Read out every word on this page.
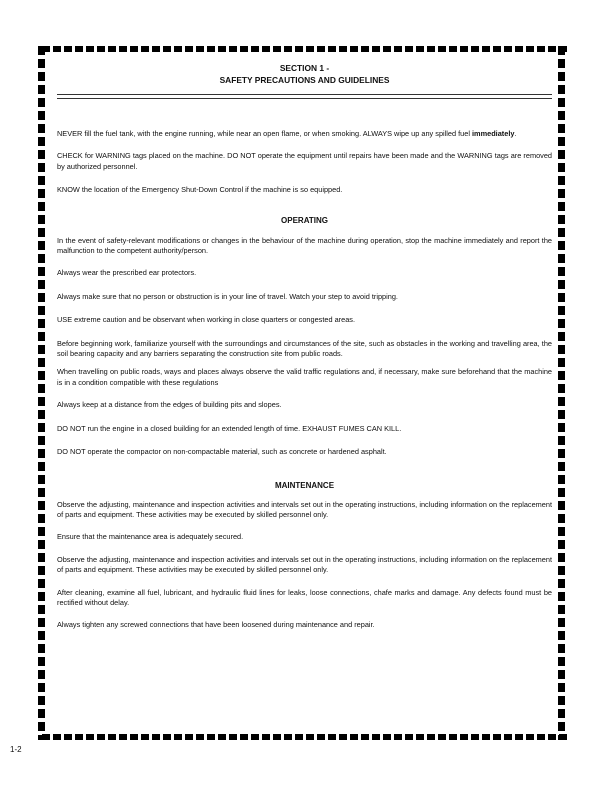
SECTION 1 -
SAFETY PRECAUTIONS AND GUIDELINES

NEVER fill the fuel tank, with the engine running, while near an open flame, or when smoking. ALWAYS wipe up any spilled fuel immediately.

CHECK for WARNING tags placed on the machine. DO NOT operate the equipment until repairs have been made and the WARNING tags are removed by authorized personnel.

KNOW the location of the Emergency Shut-Down Control if the machine is so equipped.

OPERATING

In the event of safety-relevant modifications or changes in the behaviour of the machine during operation, stop the machine immediately and report the malfunction to the competent authority/person.

Always wear the prescribed ear protectors.

Always make sure that no person or obstruction is in your line of travel. Watch your step to avoid tripping.

USE extreme caution and be observant when working in close quarters or congested areas.

Before beginning work, familiarize yourself with the surroundings and circumstances of the site, such as obstacles in the working and travelling area, the soil bearing capacity and any barriers separating the construction site from public roads.

When travelling on public roads, ways and places always observe the valid traffic regulations and, if necessary, make sure beforehand that the machine is in a condition compatible with these regulations

Always keep at a distance from the edges of building pits and slopes.

DO NOT run the engine in a closed building for an extended length of time. EXHAUST FUMES CAN KILL.

DO NOT operate the compactor on non-compactable material, such as concrete or hardened asphalt.

MAINTENANCE

Observe the adjusting, maintenance and inspection activities and intervals set out in the operating instructions, including information on the replacement of parts and equipment. These activities may be executed by skilled personnel only.

Ensure that the maintenance area is adequately secured.

Observe the adjusting, maintenance and inspection activities and intervals set out in the operating instructions, including information on the replacement of parts and equipment. These activities may be executed by skilled personnel only.

After cleaning, examine all fuel, lubricant, and hydraulic fluid lines for leaks, loose connections, chafe marks and damage. Any defects found must be rectified without delay.

Always tighten any screwed connections that have been loosened during maintenance and repair.

1-2
